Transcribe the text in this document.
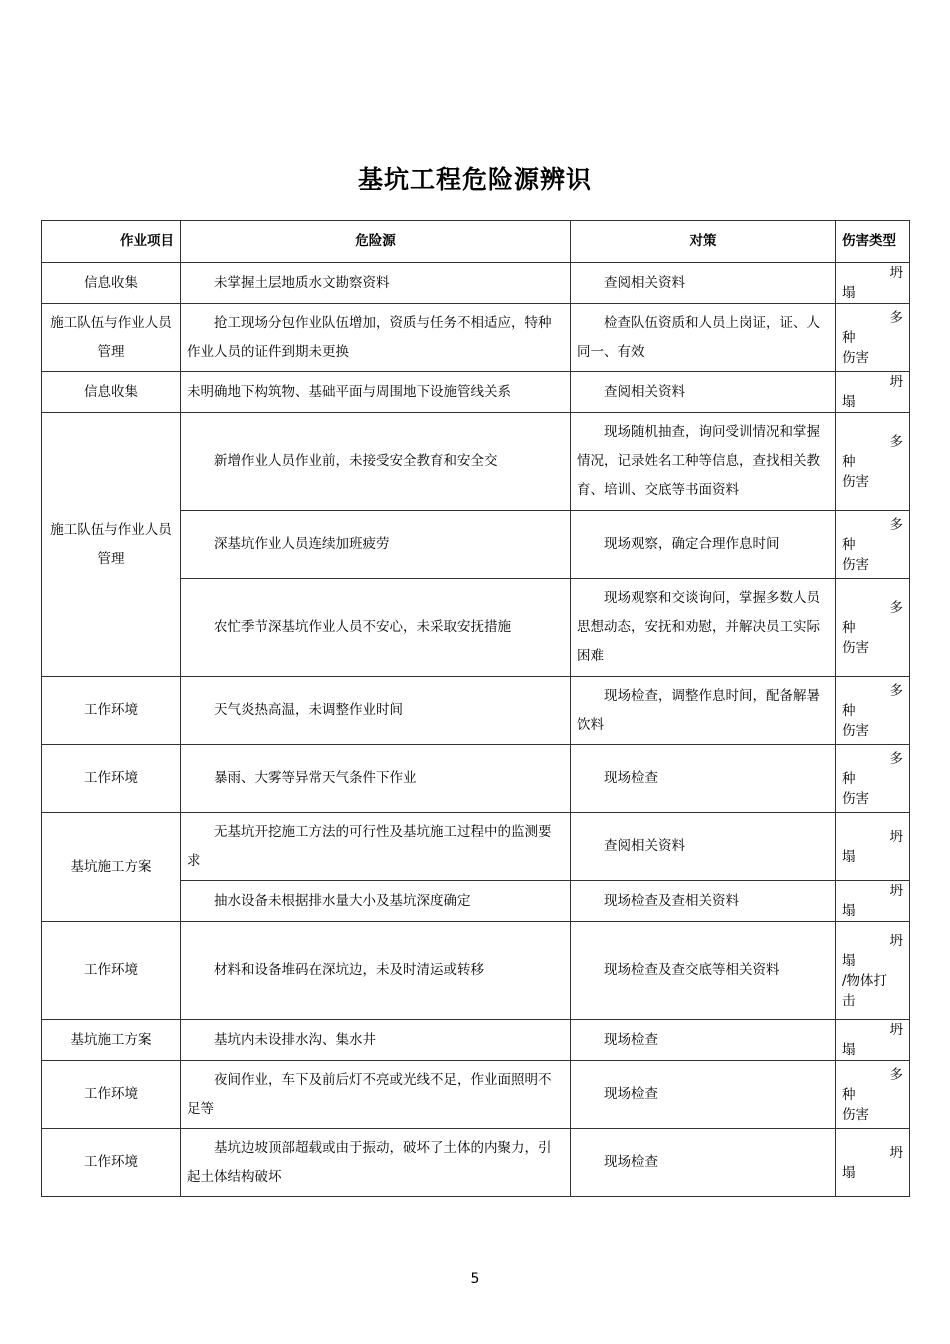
基坑工程危险源辨识
作业项目	危险源	对策	伤害类型
信息收集	未掌握土层地质水文勘察资料	查阅相关资料	坍
塌
施工队伍与作业人员管理	抢工现场分包作业队伍增加，资质与任务不相适应，特种作业人员的证件到期未更换	检查队伍资质和人员上岗证，证、人同一、有效	多
种
伤害
信息收集	未明确地下构筑物、基础平面与周围地下设施管线关系	查阅相关资料	坍
塌
施工队伍与作业人员管理	新增作业人员作业前，未接受安全教育和安全交	现场随机抽查，询问受训情况和掌握情况，记录姓名工种等信息，查找相关教育、培训、交底等书面资料	多
种
伤害
	深基坑作业人员连续加班疲劳	现场观察，确定合理作息时间	多
种
伤害
	农忙季节深基坑作业人员不安心，未采取安抚措施	现场观察和交谈询问，掌握多数人员思想动态，安抚和劝慰，并解决员工实际困难	多
种
伤害
工作环境	天气炎热高温，未调整作业时间	现场检查，调整作息时间，配备解暑饮料	多
种
伤害
工作环境	暴雨、大雾等异常天气条件下作业	现场检查	多
种
伤害
基坑施工方案	无基坑开挖施工方法的可行性及基坑施工过程中的监测要求	查阅相关资料	坍
塌
	抽水设备未根据排水量大小及基坑深度确定	现场检查及查相关资料	坍
塌
工作环境	材料和设备堆码在深坑边，未及时清运或转移	现场检查及查交底等相关资料	坍
塌
/物体打
击
基坑施工方案	基坑内未设排水沟、集水井	现场检查	坍
塌
工作环境	夜间作业，车下及前后灯不亮或光线不足，作业面照明不足等	现场检查	多
种
伤害
工作环境	基坑边坡顶部超载或由于振动，破坏了土体的内聚力，引起土体结构破坏	现场检查	坍
塌
5
